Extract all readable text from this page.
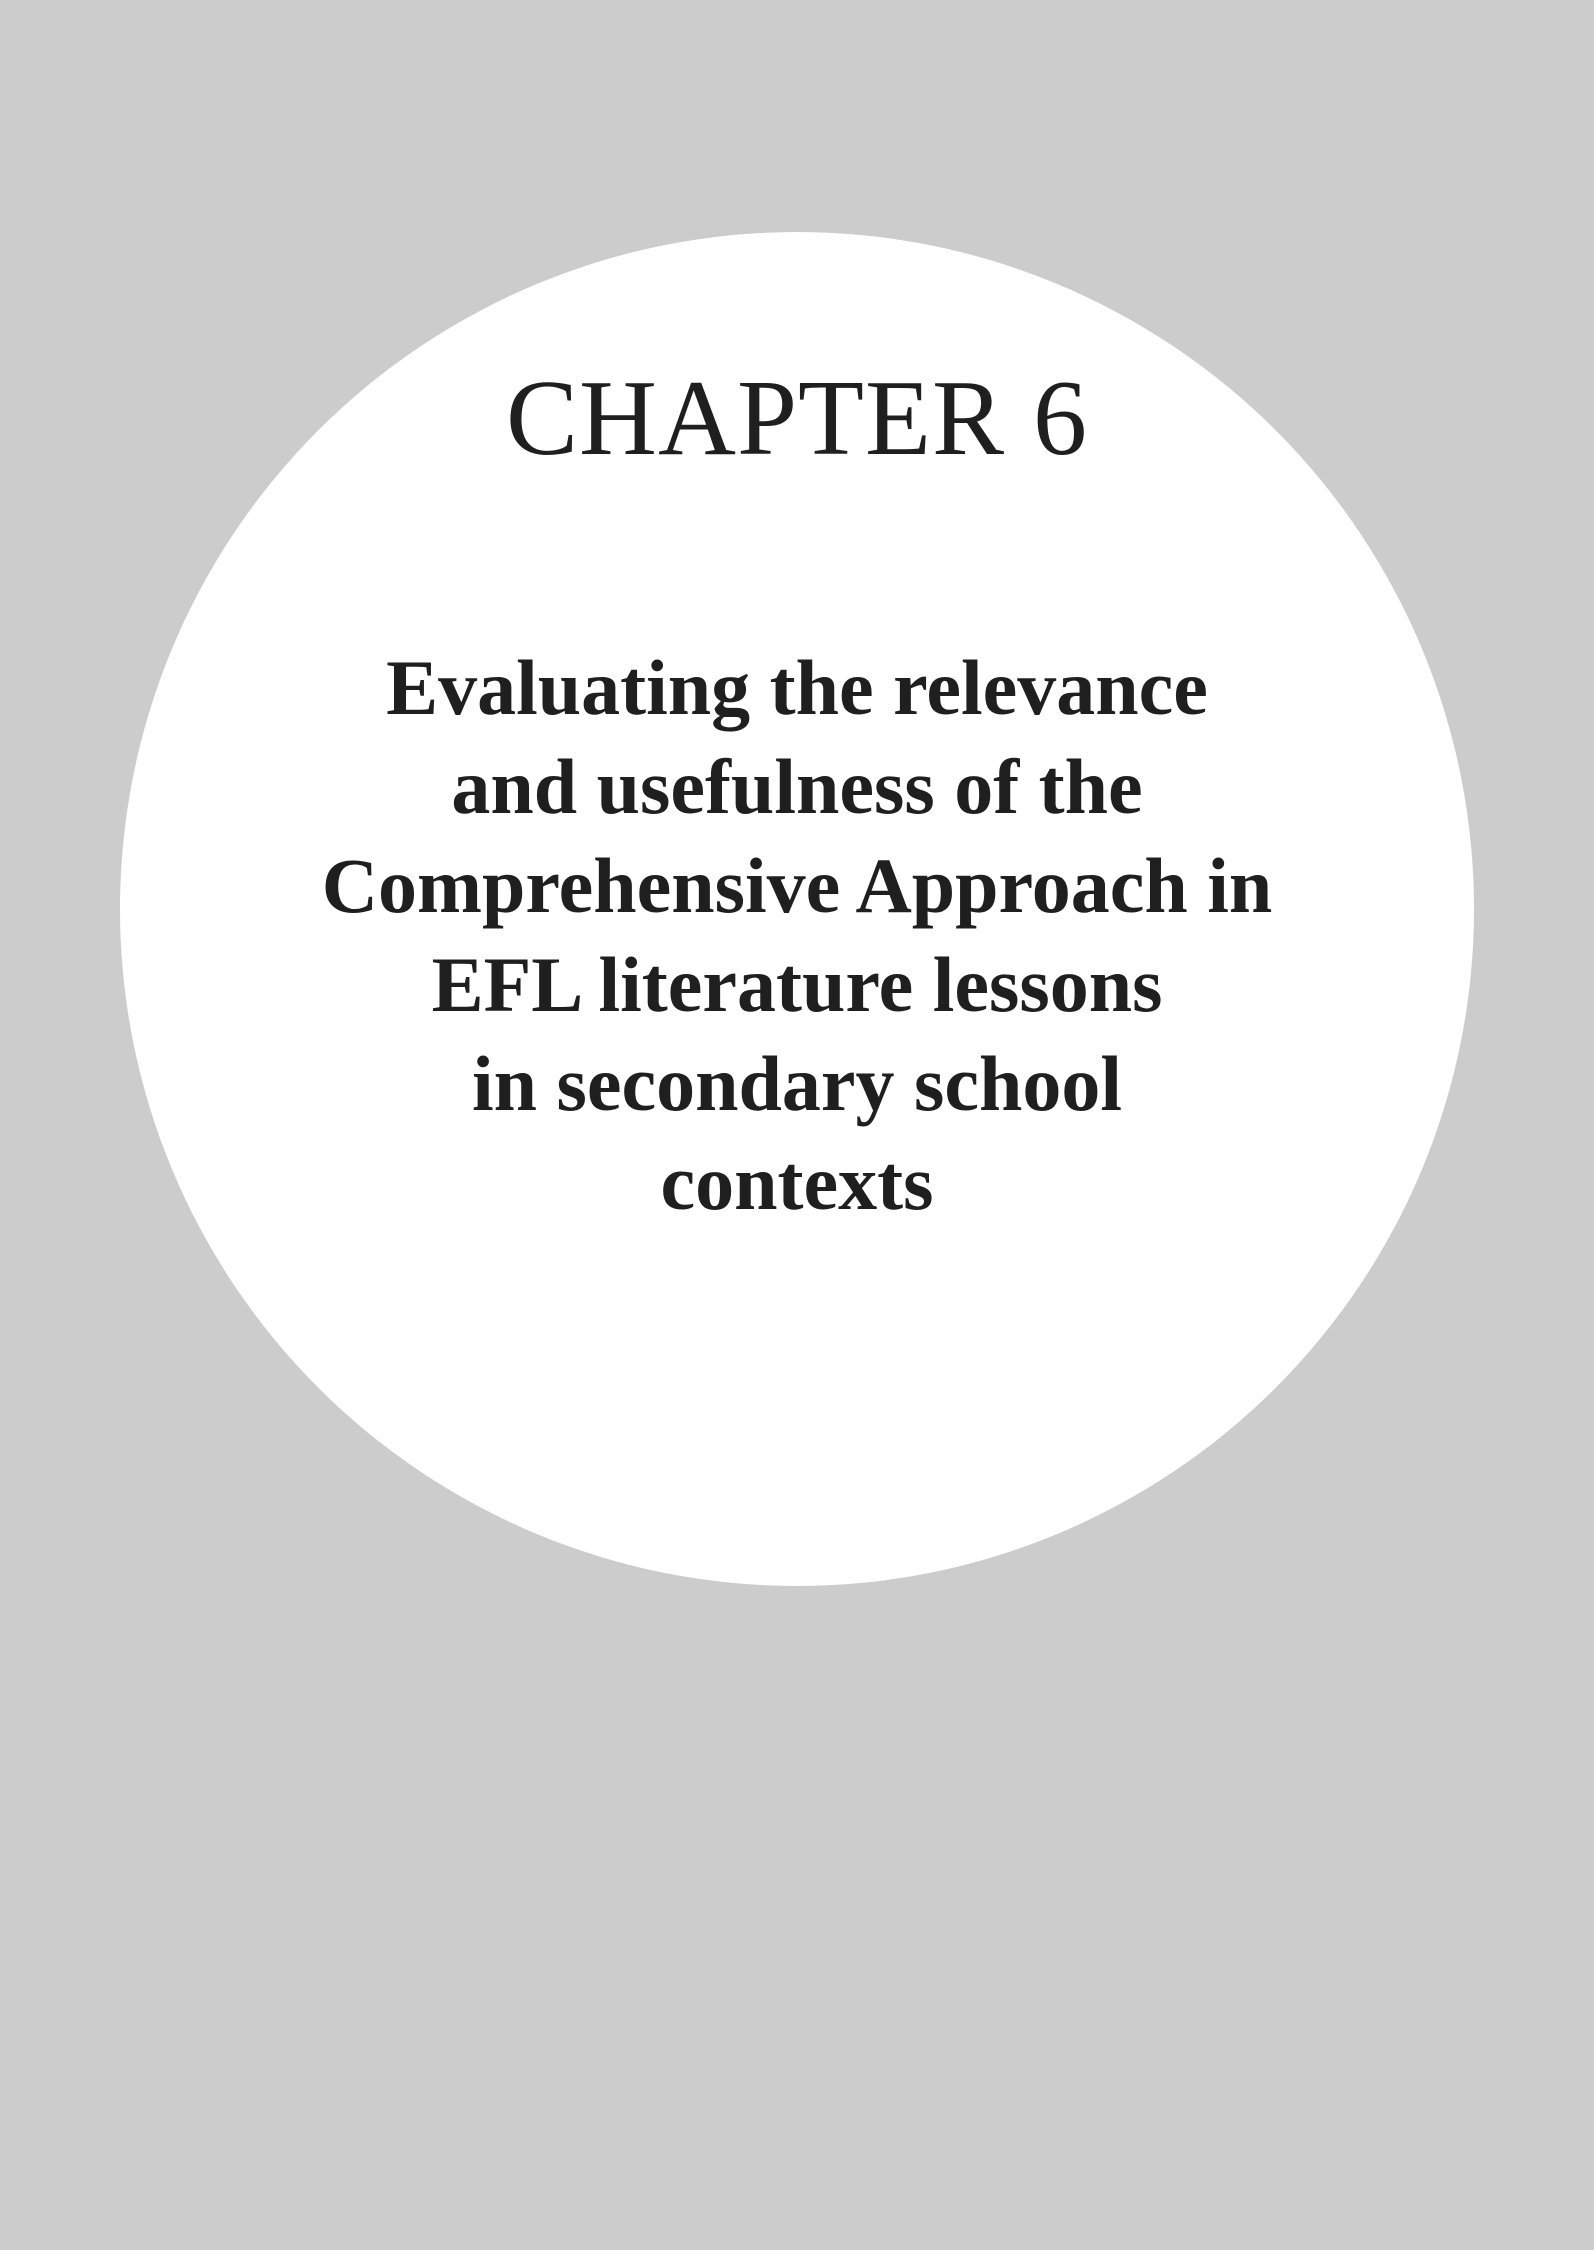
CHAPTER 6
Evaluating the relevance
and usefulness of the
Comprehensive Approach in
EFL literature lessons
in secondary school
contexts
